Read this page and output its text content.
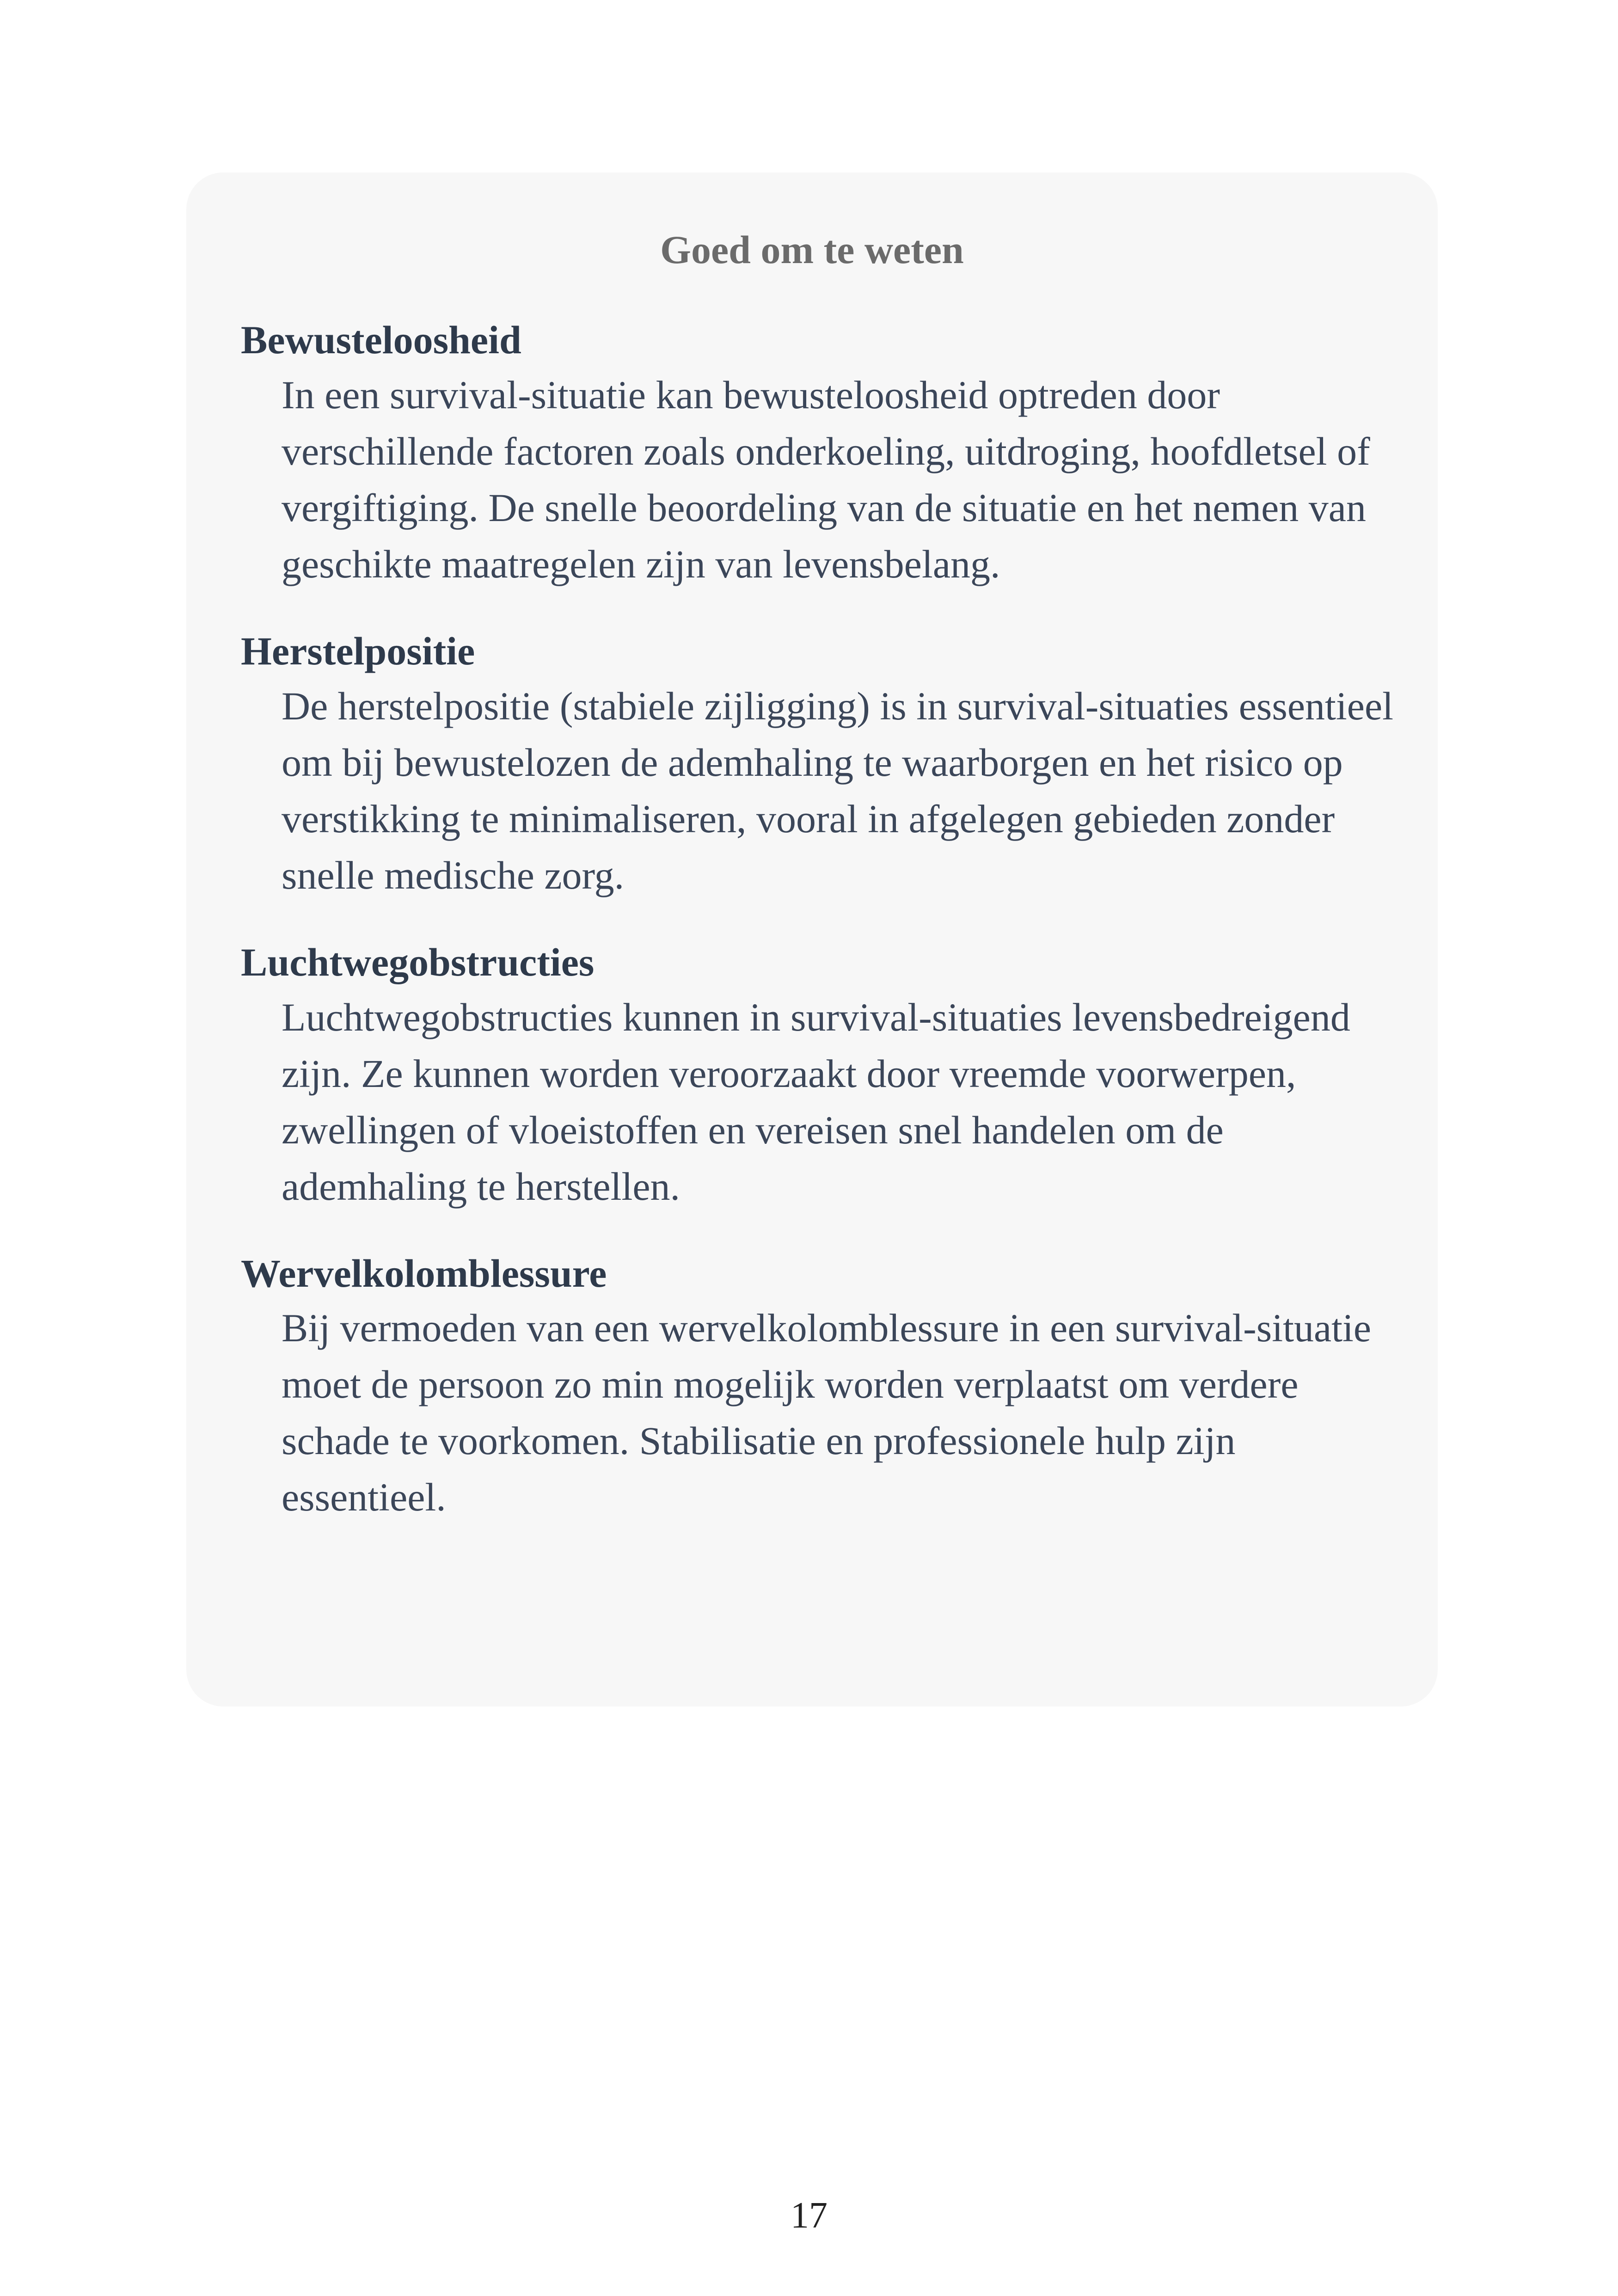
Goed om te weten
Bewusteloosheid
In een survival-situatie kan bewusteloosheid optreden door verschillende factoren zoals onderkoeling, uitdroging, hoofdletsel of vergiftiging. De snelle beoordeling van de situatie en het nemen van geschikte maatregelen zijn van levensbelang.
Herstelpositie
De herstelpositie (stabiele zijligging) is in survival-situaties essentieel om bij bewustelozen de ademhaling te waarborgen en het risico op verstikking te minimaliseren, vooral in afgelegen gebieden zonder snelle medische zorg.
Luchtwegobstructies
Luchtwegobstructies kunnen in survival-situaties levensbedreigend zijn. Ze kunnen worden veroorzaakt door vreemde voorwerpen, zwellingen of vloeistoffen en vereisen snel handelen om de ademhaling te herstellen.
Wervelkolomblessure
Bij vermoeden van een wervelkolomblessure in een survival-situatie moet de persoon zo min mogelijk worden verplaatst om verdere schade te voorkomen. Stabilisatie en professionele hulp zijn essentieel.
17
